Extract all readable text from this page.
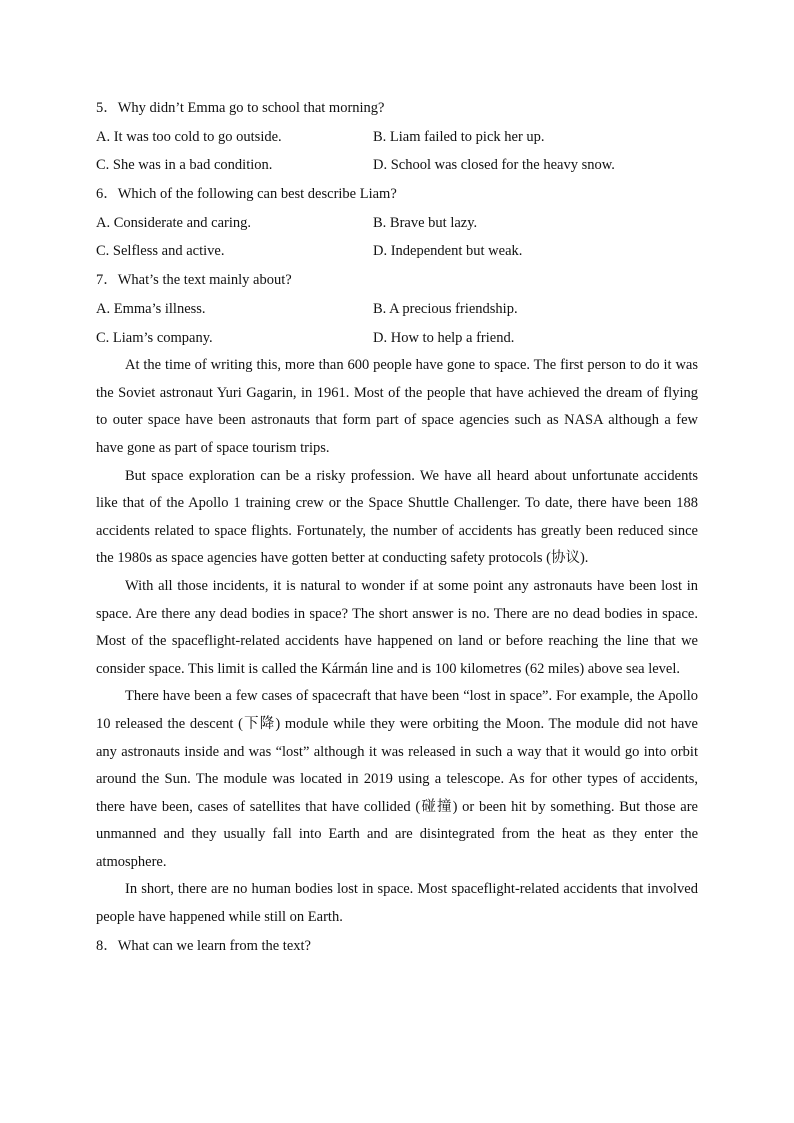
5．Why didn’t Emma go to school that morning?
A. It was too cold to go outside.	B. Liam failed to pick her up.
C. She was in a bad condition.	D. School was closed for the heavy snow.
6．Which of the following can best describe Liam?
A. Considerate and caring.	B. Brave but lazy.
C. Selfless and active.	D. Independent but weak.
7．What’s the text mainly about?
A. Emma’s illness.	B. A precious friendship.
C. Liam’s company.	D. How to help a friend.

At the time of writing this, more than 600 people have gone to space. The first person to do it was the Soviet astronaut Yuri Gagarin, in 1961. Most of the people that have achieved the dream of flying to outer space have been astronauts that form part of space agencies such as NASA although a few have gone as part of space tourism trips.

But space exploration can be a risky profession. We have all heard about unfortunate accidents like that of the Apollo 1 training crew or the Space Shuttle Challenger. To date, there have been 188 accidents related to space flights. Fortunately, the number of accidents has greatly been reduced since the 1980s as space agencies have gotten better at conducting safety protocols (协议).

With all those incidents, it is natural to wonder if at some point any astronauts have been lost in space. Are there any dead bodies in space? The short answer is no. There are no dead bodies in space. Most of the spaceflight-related accidents have happened on land or before reaching the line that we consider space. This limit is called the Kármán line and is 100 kilometres (62 miles) above sea level.

There have been a few cases of spacecraft that have been “lost in space”. For example, the Apollo 10 released the descent (下降) module while they were orbiting the Moon. The module did not have any astronauts inside and was “lost” although it was released in such a way that it would go into orbit around the Sun. The module was located in 2019 using a telescope. As for other types of accidents, there have been, cases of satellites that have collided (碰撞) or been hit by something. But those are unmanned and they usually fall into Earth and are disintegrated from the heat as they enter the atmosphere.

In short, there are no human bodies lost in space. Most spaceflight-related accidents that involved people have happened while still on Earth.

8．What can we learn from the text?
